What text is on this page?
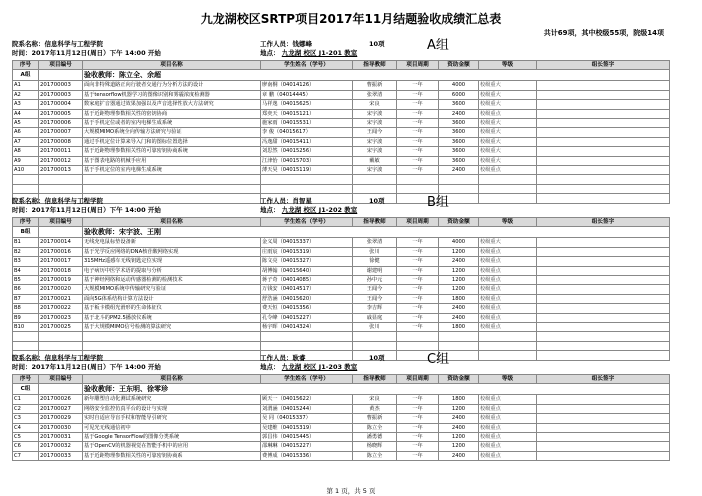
九龙湖校区SRTP项目2017年11月结题验收成绩汇总表
共计69项，其中校级55项，院级14项
院系名称：信息科学与工程学院
时间：2017年11月12日(周日）下午 14:00 开始
工作人员：钱娜峰
地点： 九龙湖 校区 J1-201 教室
10项	A组
序号	项目编号	项目名称	学生姓名（学号）	指导教师	项目周期	资助金额	等级	组长签字
A组		验收教师：陈立全、余超						
A1	201700003	面向非特殊道路正向行驶者交通行为分析方法的设计	廖南桐（04014126）	曹振新	一年	4000	校级重大	
A2	201700003	基于tensorflow机器学习的图像识别和雾霾浓度检测器	章 鹏（04014445）	张翠清	一年	6000	校级重大	
A3	201700004	数家庭扩音器通过效果加强以及声音选择性放大方法研究	马祥逸（04015625）	宋良	一年	3600	校级重大	
A4	201700005	基于近距物理参数相关性的密钥协商	郑奕天（04015121）	宋宇波	一年	2400	校级重点	
A5	201700006	基于手机定位或者的室内电梯生成系统	施家雨（04015531）	宋宇波	一年	3600	校级重大	
A6	201700007	大规模MIMO系统全向传输方法研究与验证	李 俊（04015617）	王闻今	一年	3600	校级重大	
A7	201700008	通过手机定位计算来导入门和的图标位置选择	冯逸甜（04015411）	宋宇波	一年	3600	校级重大	
A8	201700011	基于近距物理参数相关性的可靠密钥协商系统	刘思然（04015256）	宋宇波	一年	3600	校级重大	
A9	201700012	基于图表电路的机械手应用	江津怡（04015703）	戴敏	一年	3600	校级重大	
A10	201700013	基于手机定位的室内电梯生成系统	薄天昊（04015119）	宋宇波	一年	2400	校级重点	

院系名称：信息科学与工程学院
时间：2017年11月12日(周日）下午 14:00 开始
工作人员：肖智星
地点： 九龙湖 校区 J1-202 教室
10项	B组
序号	项目编号	项目名称	学生姓名（学号）	指导教师	项目周期	资助金额	等级	组长签字
B组		验收教师：宋宇波、王刚						
B1	201700014	无线充电鼠标垫设备新	金义周（04015337）	张翠清	一年	4000	校级重大	
B2	201700016	基于光学反应网络的DNA核苷酸网络实现	庄雨宸（04015319）	张川	一年	1200	校级重点	
B3	201700017	315MHz遥感车无线钥匙定位实现	陈文亮（04015327）	徐健	一年	2400	校级重点	
B4	201700018	电子病历中医学术语的提取与分析	胡博翰（04015640）	谢建明	一年	1200	校级重点	
B5	201700019	基于神经网络和运动传感器检测的检测技术	蒋子奇（04014085）	孙中元	一年	1200	校级重点	
B6	201700020	大规模MIMO系统中传输研究与验证	万钱安（04014517）	王闻今	一年	1200	校级重点	
B7	201700021	面向5G体系结构计算方法设计	舒浩涵（04015620）	王闻今	一年	1800	校级重点	
B8	201700022	基于板卡模组光滑形的生命体征仪	费天恒（04015356）	李吉辉	一年	2400	校级重点	
B9	201700023	基于北斗的PM2.5播放仪系统	孔令峰（04015227）	戚显庭	一年	2400	校级重点	
B10	201700025	基于大规模MIMO信号检测的算法研究	杨宇晖（04014324）	张川	一年	1800	校级重点	

院系名称：信息科学与工程学院
时间：2017年11月12日(周日）下午 14:00 开始
工作人员：耿睿
地点： 九龙湖 校区 J1-203 教室
10项	C组
序号	项目编号	项目名称	学生姓名（学号）	指导教师	项目周期	资助金额	等级	组长签字
C组		验收教师：王东明、徐零珍						
C1	201700026	新年雕塑自动化测试系统研究	顾天一（04015622）	宋良	一年	1800	校级重点	
C2	201700027	网络安全监控仿真平台的设计与实现	刘渭涵（04015244）	黄杰	一年	1200	校级重点	
C3	201700029	实时自适应导盲手杖和智能导引研究	吴 同（04015337）	曹振新	一年	2400	校级重点	
C4	201700030	可见光无线通信初中	吴建维（04015319）	陈立全	一年	2400	校级重点	
C5	201700031	基于Google TensorFlow的图像分类系统	郭昌伟（04015445）	潘勇德	一年	1200	校级重点	
C6	201700032	基于OpenCV的机器视觉在智能手机中的应用	邵琳琳（04015227）	杨晓辉	一年	1200	校级重点	
C7	201700033	基于近距物理参数相关性的可靠密钥协商系	费博成（04015336）	陈立全	一年	2400	校级重点	
第 1 页，共 5 页
